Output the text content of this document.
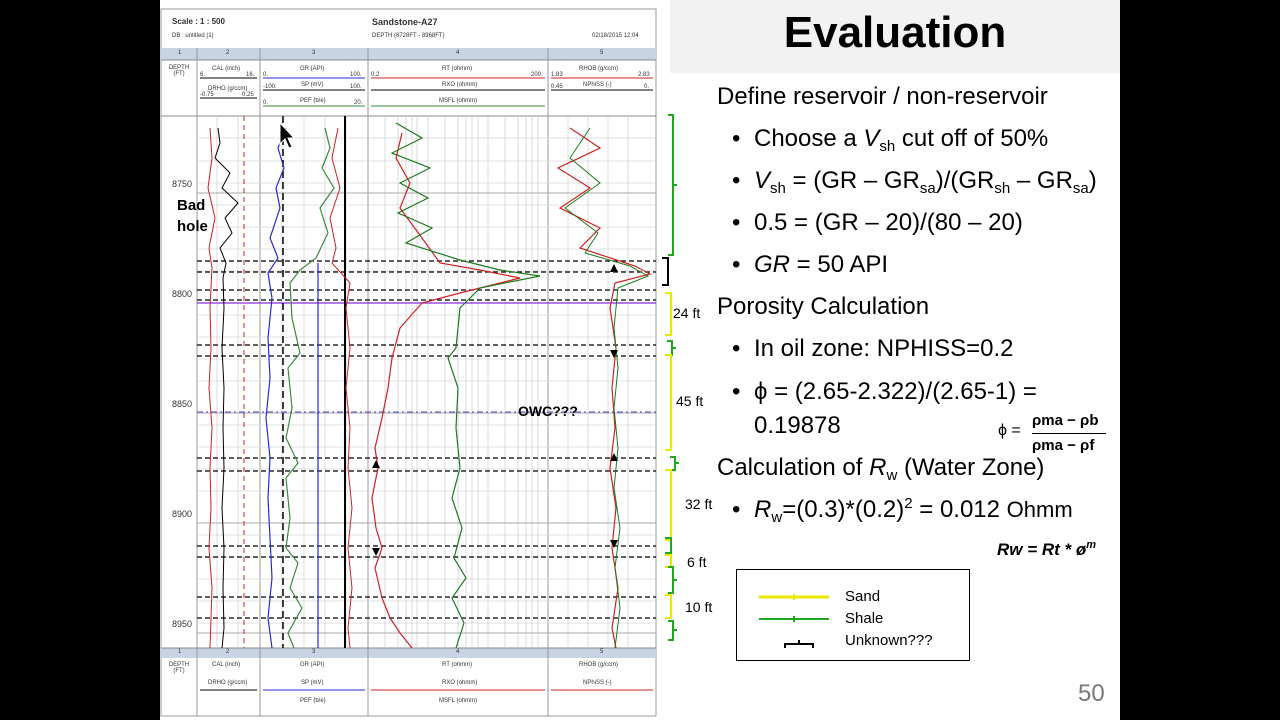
Scale : 1 : 500	Sandstone-A27
DB : untitled (1)	DEPTH (8728FT - 8968FT)	02/18/2015 12:04
1	2	3	4	5
DEPTH (FT)
CAL (inch)
DRHO (g/ccm)
6.	16.
-0.75	0.25
GR (API)
SP (mV)
PEF (b/e)
0.	100.
-100.	100.
0.	20.
RT (ohmm)
RXO (ohmm)
MSFL (ohmm)
0.2	200.
RHOB (g/ccm)
NPhiSS (-)
1.83	2.83
0.45	0.
1	2	3	4	5
DEPTH (FT)
CAL (inch)
DRHO (g/ccm)
GR (API)
SP (mV)
PEF (b/e)
RT (ohmm)
RXO (ohmm)
MSFL (ohmm)
RHOB (g/ccm)
NPhiSS (-)
8750
8800
8850
8900
8950
Bad
hole
OWC???
24 ft
45 ft
32 ft
6 ft
10 ft
Evaluation
Define reservoir / non-reservoir
• Choose a $V_{sh}$ cut off of 50%
• $V_{sh} = (GR - GR_{sa})/(GR_{sh} - GR_{sa})$
• 0.5 = (GR – 20)/(80 – 20)
• GR = 50 API
Porosity Calculation
• In oil zone: NPHISS=0.2
• ϕ = (2.65-2.322)/(2.65-1) =
0.19878	ϕ =
ρma − ρb
ρma − ρf
Calculation of $R_w$ (Water Zone)
• $R_w=(0.3)*(0.2)^2 = 0.012$ Ohmm
$Rw = Rt * ø^m$
Sand
Shale
Unknown???
50
